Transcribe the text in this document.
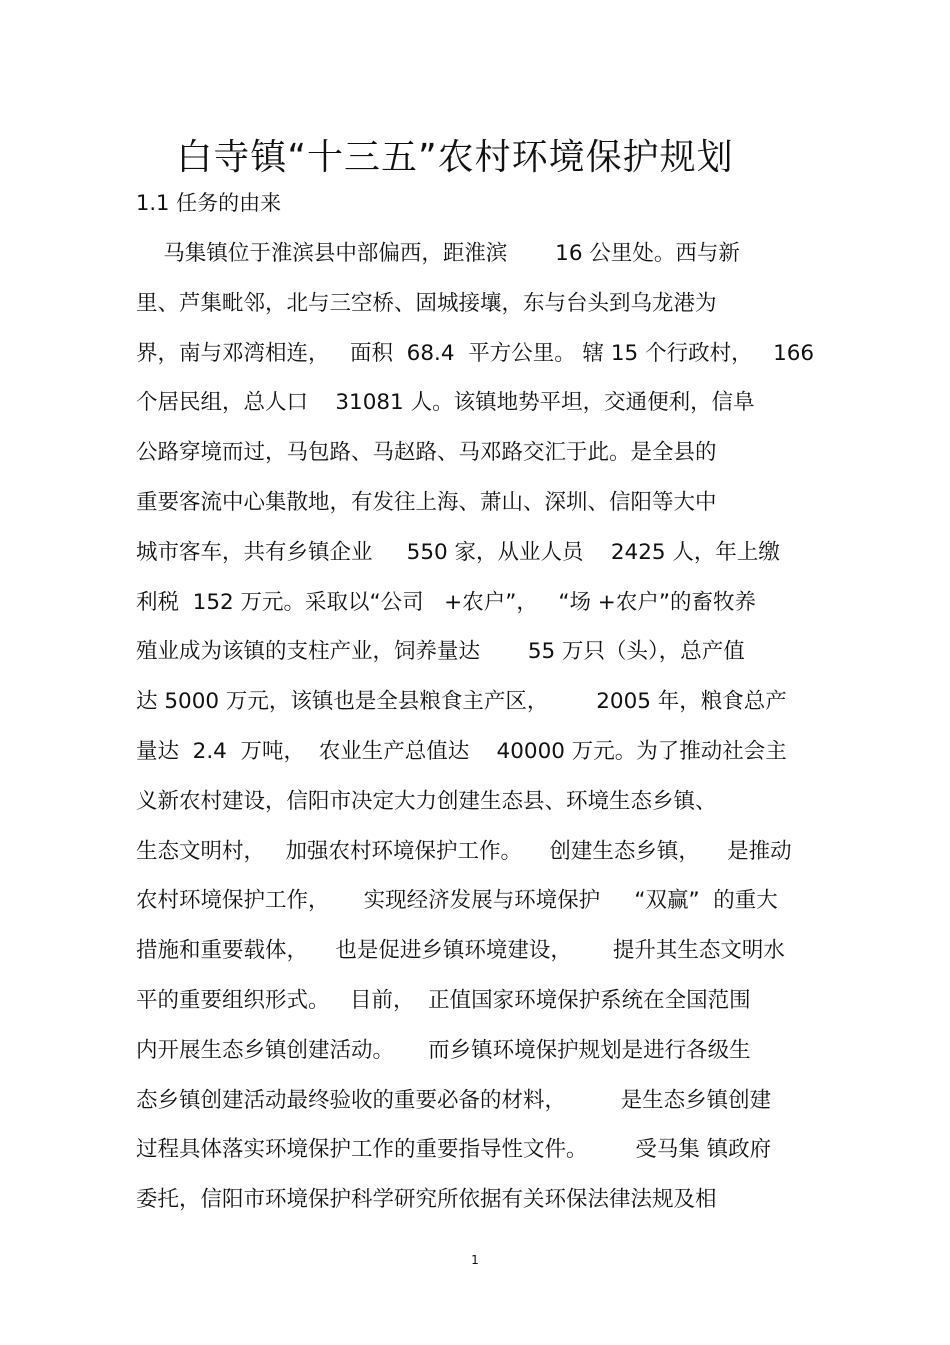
白寺镇“十三五”农村环境保护规划
1.1 任务的由来
马集镇位于淮滨县中部偏西，距淮滨       16 公里处。西与新
里、芦集毗邻，北与三空桥、固城接壤，东与台头到乌龙港为
界，南与邓湾相连，   面积  68.4  平方公里。 辖 15 个行政村，   166
个居民组，总人口    31081 人。该镇地势平坦，交通便利，信阜
公路穿境而过，马包路、马赵路、马邓路交汇于此。是全县的
重要客流中心集散地，有发往上海、萧山、深圳、信阳等大中
城市客车，共有乡镇企业     550 家，从业人员    2425 人，年上缴
利税  152 万元。采取以“公司   +农户”，   “场 +农户”的畜牧养
殖业成为该镇的支柱产业，饲养量达       55 万只（头），总产值
达 5000 万元，该镇也是全县粮食主产区，       2005 年，粮食总产
量达  2.4  万吨，  农业生产总值达    40000 万元。为了推动社会主
义新农村建设，信阳市决定大力创建生态县、环境生态乡镇、
生态文明村，   加强农村环境保护工作。    创建生态乡镇，    是推动
农村环境保护工作，     实现经济发展与环境保护     “双赢”  的重大
措施和重要载体，    也是促进乡镇环境建设，      提升其生态文明水
平的重要组织形式。   目前，  正值国家环境保护系统在全国范围
内开展生态乡镇创建活动。     而乡镇环境保护规划是进行各级生
态乡镇创建活动最终验收的重要必备的材料，        是生态乡镇创建
过程具体落实环境保护工作的重要指导性文件。       受马集 镇政府
委托，信阳市环境保护科学研究所依据有关环保法律法规及相
1
